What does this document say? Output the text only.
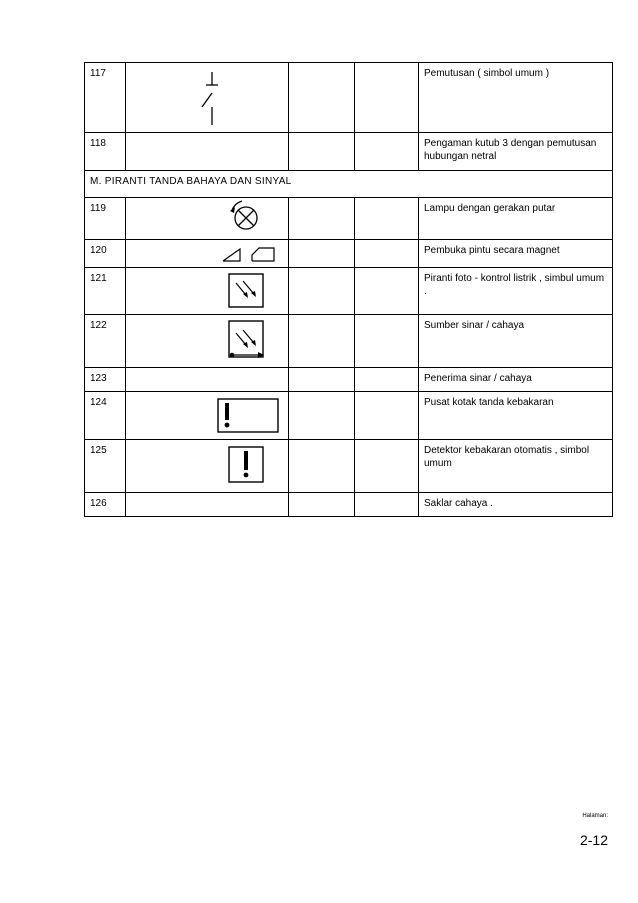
117				Pemutusan ( simbol umum )
118				Pengaman kutub 3 dengan pemutusan hubungan netral
M. PIRANTI TANDA BAHAYA DAN SINYAL				
119				Lampu dengan gerakan putar
120				Pembuka pintu secara magnet
121				Piranti foto - kontrol listrik , simbul umum .
122				Sumber sinar / cahaya
123				Penerima sinar / cahaya
124				Pusat kotak tanda kebakaran
125				Detektor kebakaran otomatis , simbol umum
126				Saklar cahaya .
Halaman:
2-12
